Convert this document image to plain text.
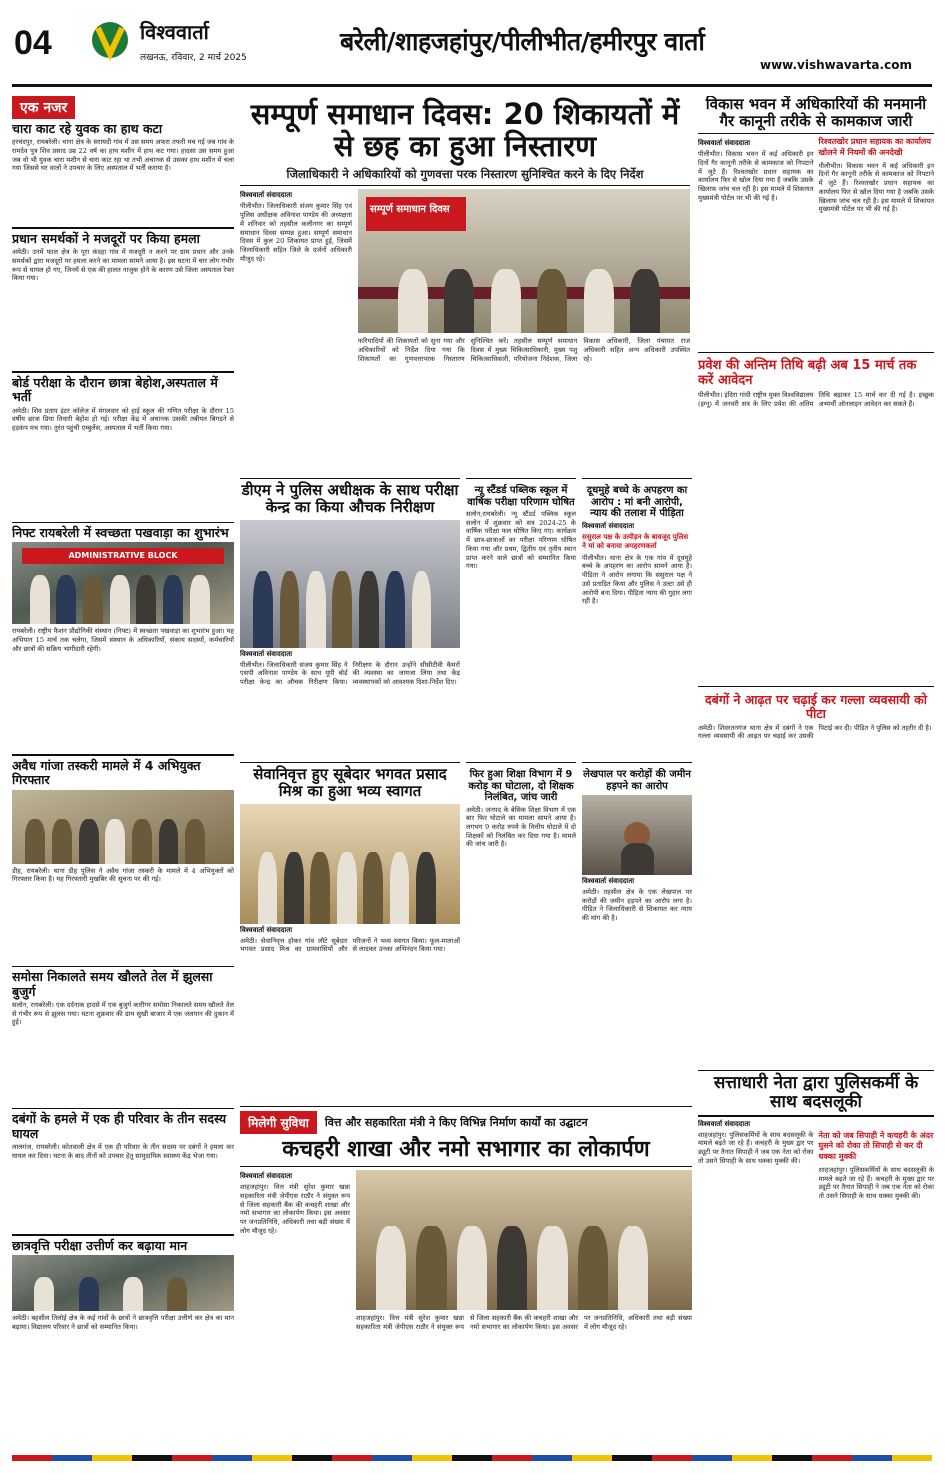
04	विश्ववार्ता
लखनऊ, रविवार, 2 मार्च 2025
बरेली/शाहजहांपुर/पीलीभीत/हमीरपुर वार्ता
www.vishwavarta.com
एक नजर
चारा काट रहे युवक का हाथ कटा
हरचंदपुर, रायबरेली। थाना क्षेत्र के सरायदी गांव में उस समय अफरा तफरी मच गई जब गांव के रामदेव पुत्र शिव प्रसाद उम्र 22 वर्ष का हाथ मशीन में हाथ कट गया। हादसा उस समय हुआ जब वो भी युवक चारा मशीन से चारा काट रहा था तभी अचानक से उसका हाथ मशीन में चला गया जिससे घर वालों ने उपचार के लिए अस्पताल में भर्ती कराया है।
प्रधान समर्थकों ने मजदूरों पर किया हमला
अमेठी। उनमें फाल क्षेत्र के पूरा कंदहा गांव में मजदूरी न करने पर ग्राम प्रधान और उनके समर्थकों द्वारा मजदूरों पर हमला करने का मामला सामने आया है। इस घटना में चार लोग गंभीर रूप से घायल हो गए, जिनमें से एक की हालत नाजुक होने के कारण उसे जिला अस्पताल रेफर किया गया।
बोर्ड परीक्षा के दौरान छात्रा बेहोश,अस्पताल में भर्ती
अमेठी। शिव प्रताप इंटर कॉलेज में मंगलवार को हाई स्कूल की गणित परीक्षा के दौरान 15 वर्षीय छात्रा प्रिया तिवारी बेहोश हो गई। परीक्षा केंद्र में अचानक उसकी तबीयत बिगड़ने से हड़कंप मच गया। तुरंत पहुंची एम्बुलेंस, अस्पताल में भर्ती किया गया।
निफ्ट रायबरेली में स्वच्छता पखवाड़ा का शुभारंभ
ADMINISTRATIVE BLOCK
रायबरेली। राष्ट्रीय फैशन प्रौद्योगिकी संस्थान (निफ्ट) में स्वच्छता पखवाड़ा का शुभारंभ हुआ। यह अभियान 15 मार्च तक चलेगा, जिसमें संस्थान के अधिकारियों, संकाय सदस्यों, कर्मचारियों और छात्रों की सक्रिय भागीदारी रहेगी।
अवैध गांजा तस्करी मामले में 4 अभियुक्त गिरफ्तार
डीह, रायबरेली। थाना डीह पुलिस ने अवैध गांजा तस्करी के मामले में 4 अभियुक्तों को गिरफ्तार किया है। यह गिरफ्तारी मुखबिर की सूचना पर की गई।
समोसा निकालते समय खौलते तेल में झुलसा बुजुर्ग
सलोन, रायबरेली। एक दर्दनाक हादसे में एक बुजुर्ग कारीगर समोसा निकालते समय खौलते तेल से गंभीर रूप से झुलस गया। घटना शुक्रवार की ग्राम सुखी बाजार में एक जलपान की दुकान में हुई।
दबंगों के हमले में एक ही परिवार के तीन सदस्य घायल
लालगंज, रायबरेली। कोतवाली क्षेत्र में एक ही परिवार के तीन सदस्य पर दबंगों ने हमला कर घायल कर दिया। घटना के बाद तीनों को उपचार हेतु सामुदायिक स्वास्थ्य केंद्र भेजा गया।
छात्रवृत्ति परीक्षा उत्तीर्ण कर बढ़ाया मान
अमेठी। बहसील तिलोई क्षेत्र के कई गांवों के छात्रों ने छात्रवृत्ति परीक्षा उत्तीर्ण कर क्षेत्र का मान बढ़ाया। विद्यालय परिवार ने छात्रों को सम्मानित किया।
सम्पूर्ण समाधान दिवस: 20 शिकायतों में से छह का हुआ निस्तारण
जिलाधिकारी ने अधिकारियों को गुणवत्ता परक निस्तारण सुनिश्चित करने के दिए निर्देश
विश्ववार्ता संवाददाता
पीलीभीत। जिलाधिकारी संजय कुमार सिंह एवं पुलिस अधीक्षक अविनाश पाण्डेय की अध्यक्षता में शनिवार को तहसील कलीनगर का सम्पूर्ण समाधान दिवस सम्पन्न हुआ। सम्पूर्ण समाधान दिवस में कुल 20 शिकायत प्राप्त हुई, जिसमें जिलाधिकारी सहित जिले के दर्जनों अधिकारी मौजूद रहे।
सम्पूर्ण समाधान दिवस
फरियादियों की शिकायतों को सुना गया और अधिकारियों को निर्देश दिया गया कि शिकायतों का गुणवत्तापरक निस्तारण सुनिश्चित करें। तहसील सम्पूर्ण समाधान दिवस में मुख्य चिकित्साधिकारी, मुख्य पशु चिकित्साधिकारी, परियोजना निदेशक, जिला विकास अधिकारी, जिला पंचायत राज अधिकारी सहित अन्य अधिकारी उपस्थित रहे।
विकास भवन में अधिकारियों की मनमानी गैर कानूनी तरीके से कामकाज जारी
विश्ववार्ता संवाददाता
पीलीभीत। विकास भवन में कई अधिकारी इन दिनों गैर कानूनी तरीके से कामकाज को निपटाने में जुटे हैं। रिश्वतखोर प्रधान सहायक का कार्यालय फिर से खोल दिया गया है जबकि उसके खिलाफ जांच चल रही है। इस मामले में शिकायत मुख्यमंत्री पोर्टल पर भी की गई है।
रिश्वतखोर प्रधान सहायक का कार्यालय खोलने में नियमों की अनदेखी
पीलीभीत। विकास भवन में कई अधिकारी इन दिनों गैर कानूनी तरीके से कामकाज को निपटाने में जुटे हैं। रिश्वतखोर प्रधान सहायक का कार्यालय फिर से खोल दिया गया है जबकि उसके खिलाफ जांच चल रही है। इस मामले में शिकायत मुख्यमंत्री पोर्टल पर भी की गई है।
प्रवेश की अन्तिम तिथि बढ़ी अब 15 मार्च तक करें आवेदन
पीलीभीत। इंदिरा गांधी राष्ट्रीय मुक्त विश्वविद्यालय (इग्नू) में जनवरी सत्र के लिए प्रवेश की अंतिम तिथि बढ़ाकर 15 मार्च कर दी गई है। इच्छुक अभ्यर्थी ऑनलाइन आवेदन कर सकते हैं।
दबंगों ने आढ़त पर चढ़ाई कर गल्ला व्यवसायी को पीटा
अमेठी। शिवरतनगंज थाना क्षेत्र में दबंगों ने एक गल्ला व्यवसायी की आढ़त पर चढ़ाई कर उसकी पिटाई कर दी। पीड़ित ने पुलिस को तहरीर दी है।
डीएम ने पुलिस अधीक्षक के साथ परीक्षा केन्द्र का किया औचक निरीक्षण
विश्ववार्ता संवाददाता
पीलीभीत। जिलाधिकारी संजय कुमार सिंह ने एसपी अविनाश पाण्डेय के साथ यूपी बोर्ड परीक्षा केन्द्र का औचक निरीक्षण किया। निरीक्षण के दौरान उन्होंने सीसीटीवी कैमरों की व्यवस्था का जायजा लिया तथा केंद्र व्यवस्थापकों को आवश्यक दिशा-निर्देश दिए।
न्यू स्टैंडर्ड पब्लिक स्कूल में वार्षिक परीक्षा परिणाम घोषित
सलोन,रायबरेली। न्यू स्टैंडर्ड पब्लिक स्कूल सलोन में शुक्रवार को सत्र 2024-25 के वार्षिक परीक्षा फल घोषित किए गए। कार्यक्रम में छात्र-छात्राओं का परीक्षा परिणाम घोषित किया गया और प्रथम, द्वितीय एवं तृतीय स्थान प्राप्त करने वाले छात्रों को सम्मानित किया गया।
दूधमुहे बच्चे के अपहरण का आरोप : मां बनी आरोपी, न्याय की तलाश में पीड़िता
विश्ववार्ता संवाददाता
ससुराल पक्ष के उत्पीड़न के बावजूद पुलिस ने मां को बनाया अपहरणकर्ता
पीलीभीत। थाना क्षेत्र के एक गांव में दूधमुहे बच्चे के अपहरण का आरोप सामने आया है। पीड़िता ने आरोप लगाया कि ससुराल पक्ष ने उसे प्रताड़ित किया और पुलिस ने उल्टा उसे ही आरोपी बना दिया। पीड़िता न्याय की गुहार लगा रही है।
सेवानिवृत्त हुए सूबेदार भगवत प्रसाद मिश्र का हुआ भव्य स्वागत
विश्ववार्ता संवाददाता
अमेठी। सेवानिवृत्त होकर गांव लौटे सूबेदार भगवत प्रसाद मिश्र का ग्रामवासियों और परिजनों ने भव्य स्वागत किया। फूल-मालाओं से लादकर उनका अभिनंदन किया गया।
फिर हुआ शिक्षा विभाग में 9 करोड़ का घोटाला, दो शिक्षक निलंबित, जांच जारी
अमेठी। जनपद के बेसिक शिक्षा विभाग में एक बार फिर घोटाले का मामला सामने आया है। लगभग 9 करोड़ रुपये के वित्तीय घोटाले में दो शिक्षकों को निलंबित कर दिया गया है। मामले की जांच जारी है।
लेखपाल पर करोड़ों की जमीन हड़पने का आरोप
विश्ववार्ता संवाददाता
अमेठी। तहसील क्षेत्र के एक लेखपाल पर करोड़ों की जमीन हड़पने का आरोप लगा है। पीड़ित ने जिलाधिकारी से शिकायत कर न्याय की मांग की है।
मिलेगी सुविधा	वित्त और सहकारिता मंत्री ने किए विभिन्न निर्माण कार्यों का उद्घाटन
कचहरी शाखा और नमो सभागार का लोकार्पण
विश्ववार्ता संवाददाता
शाहजहांपुर। वित्त मंत्री सुरेश कुमार खन्ना सहकारिता मंत्री जेपीएस राठौर ने संयुक्त रूप से जिला सहकारी बैंक की कचहरी शाखा और नमो सभागार का लोकार्पण किया। इस अवसर पर जनप्रतिनिधि, अधिकारी तथा बड़ी संख्या में लोग मौजूद रहे।
शाहजहांपुर। वित्त मंत्री सुरेश कुमार खन्ना सहकारिता मंत्री जेपीएस राठौर ने संयुक्त रूप से जिला सहकारी बैंक की कचहरी शाखा और नमो सभागार का लोकार्पण किया। इस अवसर पर जनप्रतिनिधि, अधिकारी तथा बड़ी संख्या में लोग मौजूद रहे।
सत्ताधारी नेता द्वारा पुलिसकर्मी के साथ बदसलूकी
विश्ववार्ता संवाददाता
शाहजहांपुर। पुलिसकर्मियों के साथ बदसलूकी के मामले बढ़ते जा रहे हैं। कचहरी के मुख्य द्वार पर ड्यूटी पर तैनात सिपाही ने जब एक नेता को रोका तो उसने सिपाही के साथ धक्का मुक्की की।
नेता को जब सिपाही ने कचहरी के अंदर घुसने को रोका तो सिपाही से कर दी धक्का मुक्की
शाहजहांपुर। पुलिसकर्मियों के साथ बदसलूकी के मामले बढ़ते जा रहे हैं। कचहरी के मुख्य द्वार पर ड्यूटी पर तैनात सिपाही ने जब एक नेता को रोका तो उसने सिपाही के साथ धक्का मुक्की की।
